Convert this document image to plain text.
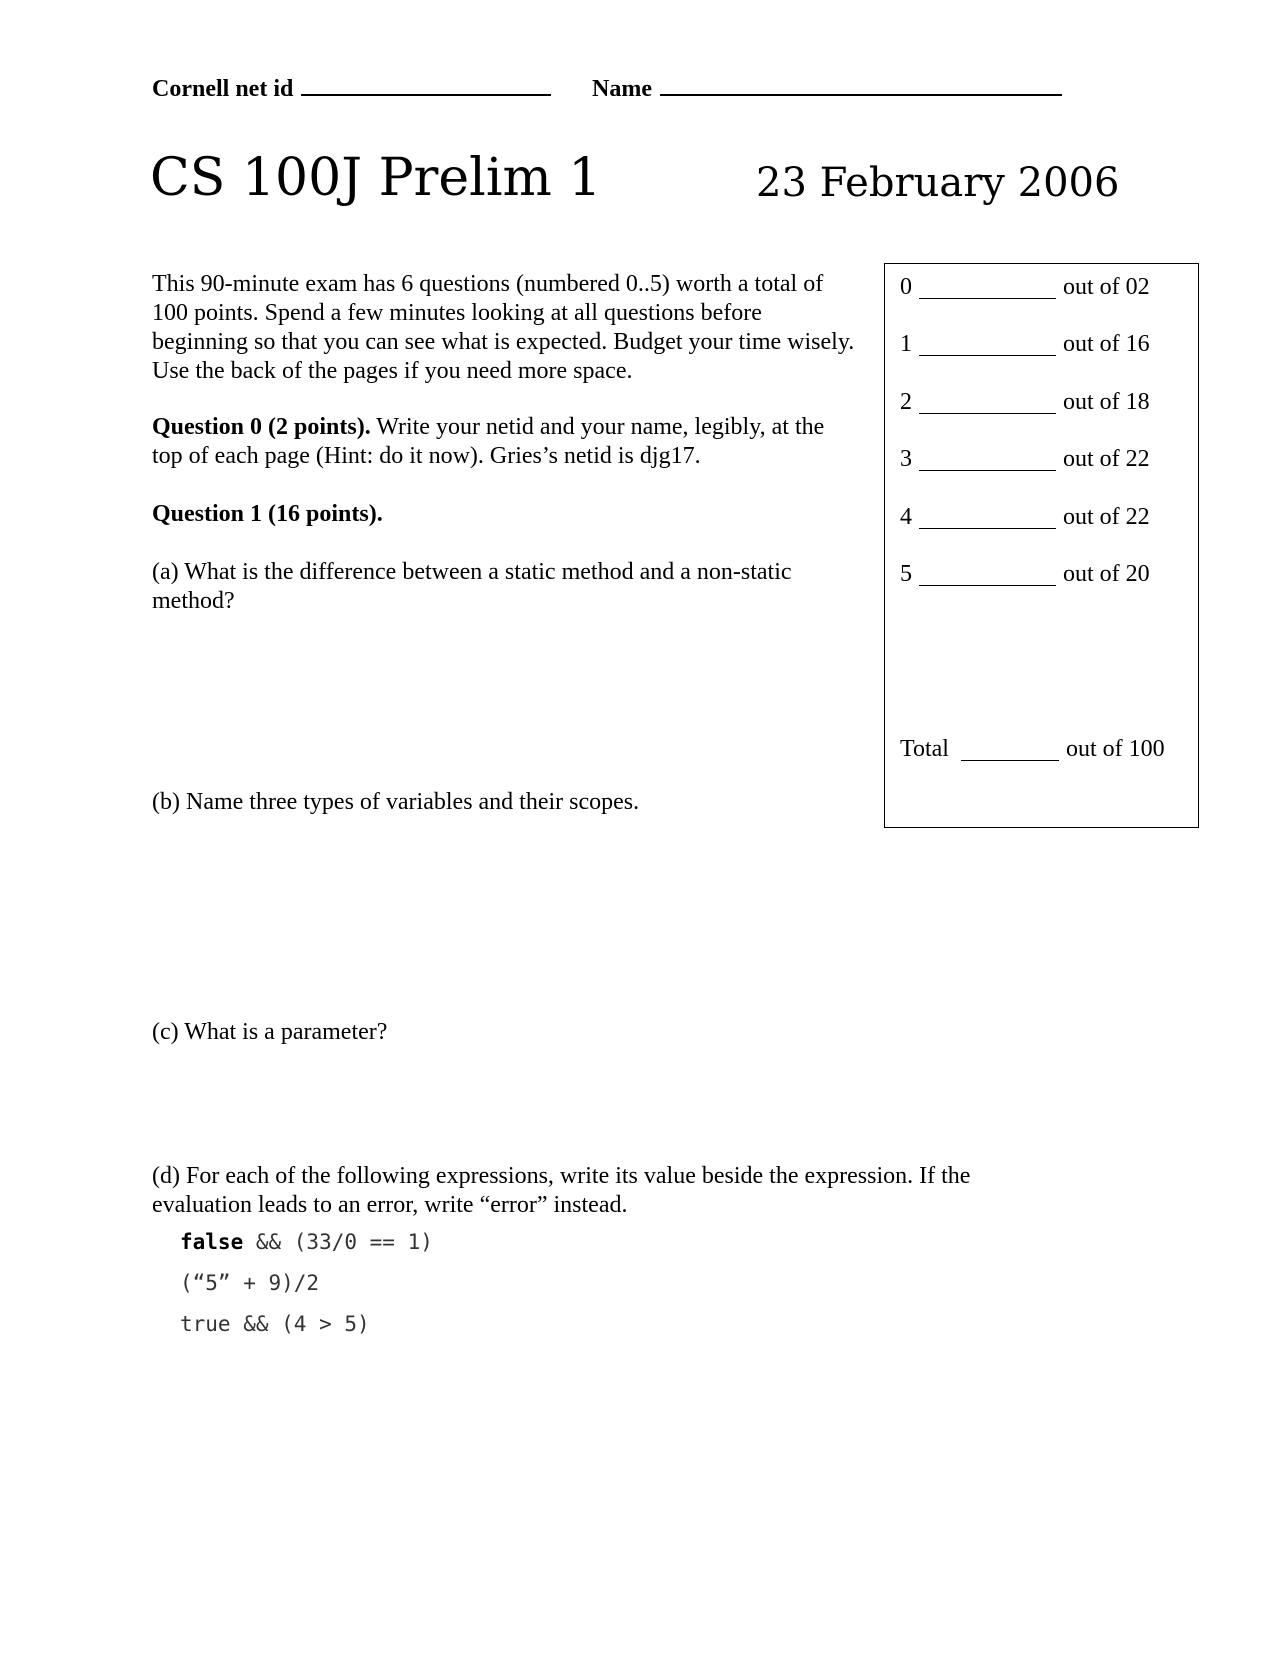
Cornell net id	Name
CS 100J Prelim 1	23 February 2006
This 90-minute exam has 6 questions (numbered 0..5) worth a total of 100 points. Spend a few minutes looking at all questions before beginning so that you can see what is expected. Budget your time wisely. Use the back of the pages if you need more space.
Question 0 (2 points). Write your netid and your name, legibly, at the top of each page (Hint: do it now). Gries’s netid is djg17.
Question 1 (16 points).
(a) What is the difference between a static method and a non-static method?
(b) Name three types of variables and their scopes.
(c) What is a parameter?
(d) For each of the following expressions, write its value beside the expression. If the evaluation leads to an error, write “error” instead.
false && (33/0 == 1)
(“5” + 9)/2
true && (4 > 5)
0	out of 02
1	out of 16
2	out of 18
3	out of 22
4	out of 22
5	out of 20
Total	out of 100
